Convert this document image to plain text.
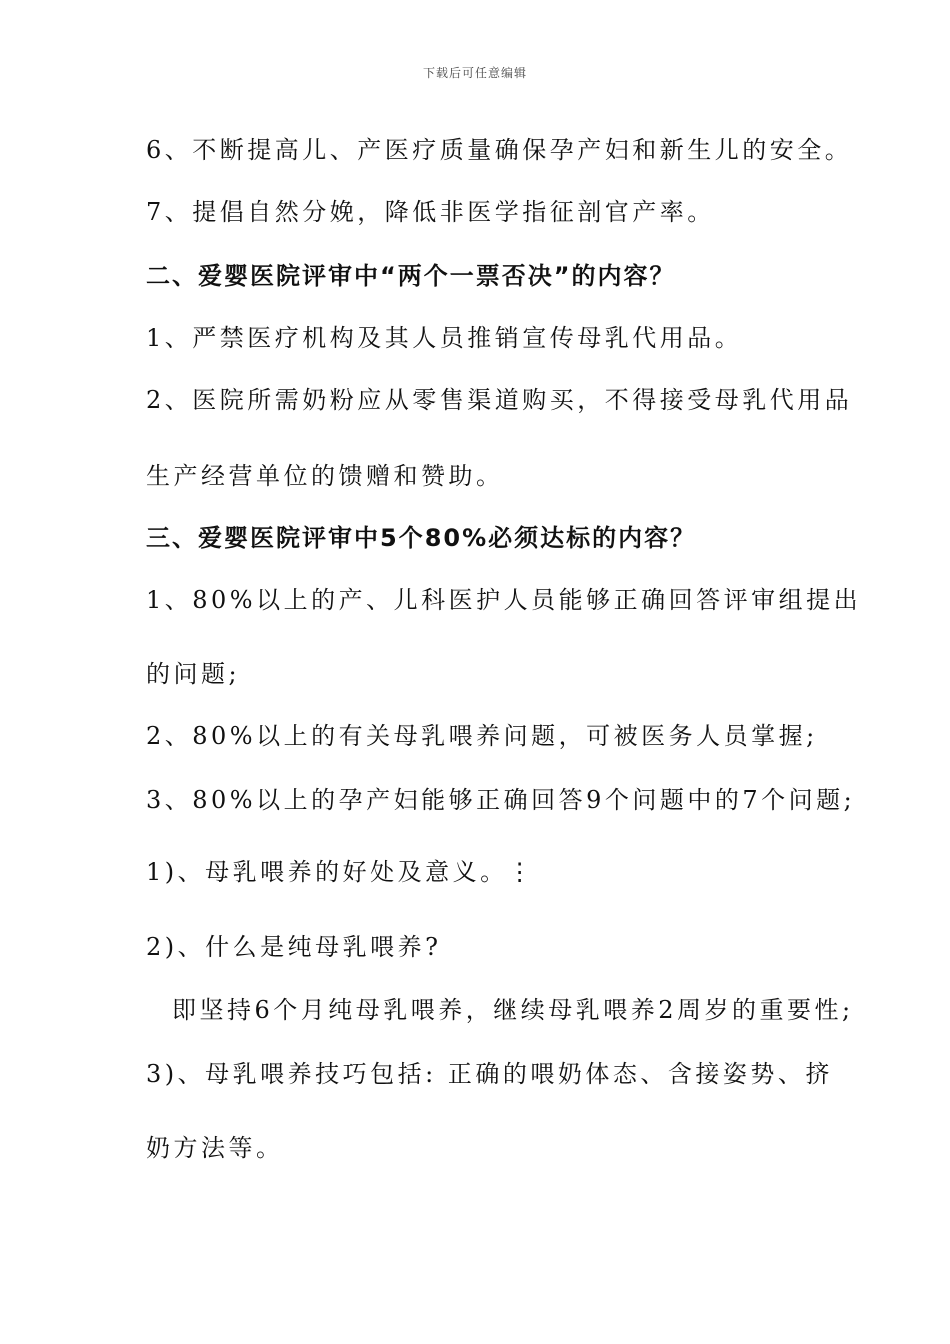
下载后可任意编辑
6、不断提高儿、产医疗质量确保孕产妇和新生儿的安全。
7、提倡自然分娩，降低非医学指征剖官产率。
二、爱婴医院评审中“两个一票否决”的内容？
1、严禁医疗机构及其人员推销宣传母乳代用品。
2、医院所需奶粉应从零售渠道购买，不得接受母乳代用品
生产经营单位的馈赠和赞助。
三、爱婴医院评审中5个80%必须达标的内容？
1、80%以上的产、儿科医护人员能够正确回答评审组提出
的问题;
2、80%以上的有关母乳喂养问题，可被医务人员掌握;
3、80%以上的孕产妇能够正确回答9个问题中的7个问题;
1)、母乳喂养的好处及意义。⋮
2)、什么是纯母乳喂养?
即坚持6个月纯母乳喂养，继续母乳喂养2周岁的重要性;
3)、母乳喂养技巧包括: 正确的喂奶体态、含接姿势、挤
奶方法等。
